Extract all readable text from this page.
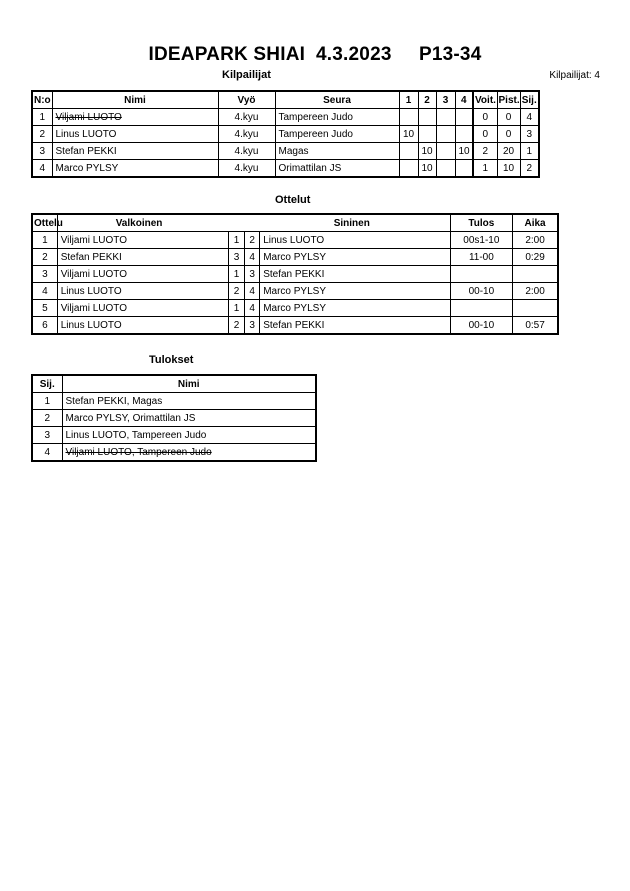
IDEAPARK SHIAI  4.3.2023     P13-34
Kilpailijat	Kilpailijat: 4
N:o	Nimi	Vyö	Seura	1	2	3	4	Voit.	Pist.	Sij.
1	Viljami LUOTO	4.kyu	Tampereen Judo					0	0	4
2	Linus LUOTO	4.kyu	Tampereen Judo	10				0	0	3
3	Stefan PEKKI	4.kyu	Magas		10		10	2	20	1
4	Marco PYLSY	4.kyu	Orimattilan JS		10			1	10	2
Ottelut
Ottelu	Valkoinen			Sininen	Tulos	Aika
1	Viljami LUOTO	1	2	Linus LUOTO	00s1-10	2:00
2	Stefan PEKKI	3	4	Marco PYLSY	11-00	0:29
3	Viljami LUOTO	1	3	Stefan PEKKI		
4	Linus LUOTO	2	4	Marco PYLSY	00-10	2:00
5	Viljami LUOTO	1	4	Marco PYLSY		
6	Linus LUOTO	2	3	Stefan PEKKI	00-10	0:57
Tulokset
Sij.	Nimi
1	Stefan PEKKI, Magas
2	Marco PYLSY, Orimattilan JS
3	Linus LUOTO, Tampereen Judo
4	Viljami LUOTO, Tampereen Judo
